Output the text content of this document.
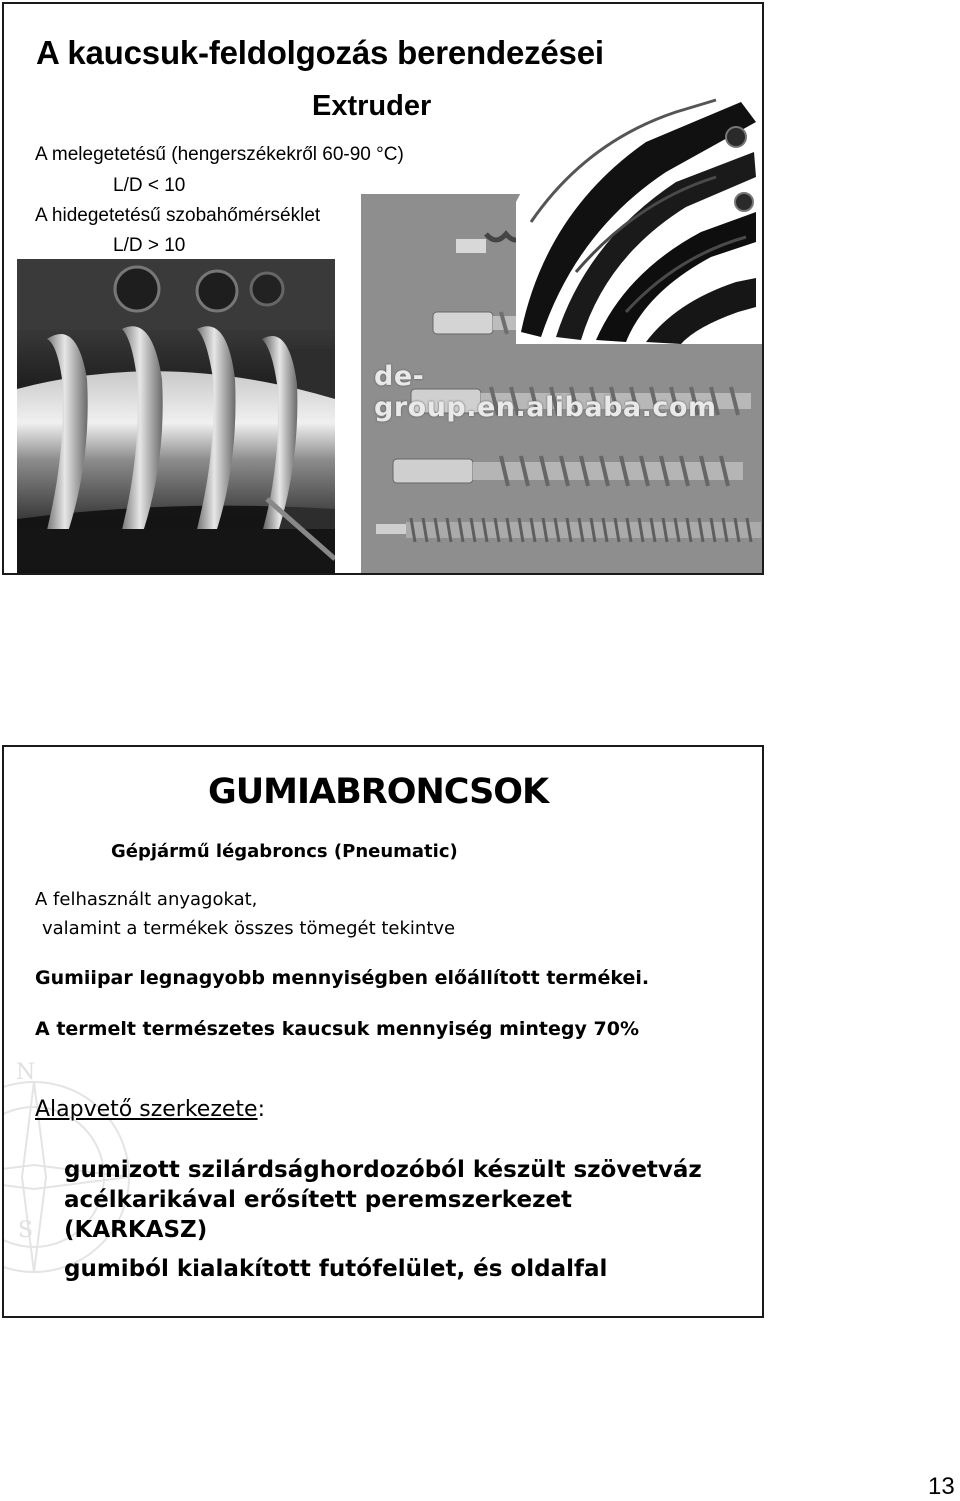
A kaucsuk-feldolgozás berendezései
Extruder
A melegetetésű (hengerszékekről 60-90 °C)
L/D < 10
A hidegetetésű szobahőmérséklet
L/D > 10
de-group.en.alibaba.com
N
S
GUMIABRONCSOK
Gépjármű légabroncs (Pneumatic)
A felhasznált anyagokat,
valamint a termékek összes tömegét tekintve
Gumiipar legnagyobb mennyiségben előállított termékei.
A termelt természetes kaucsuk mennyiség mintegy 70%
Alapvető szerkezete:
gumizott szilárdsághordozóból készült szövetváz
acélkarikával erősített peremszerkezet
(KARKASZ)
gumiból kialakított futófelület, és oldalfal
13
